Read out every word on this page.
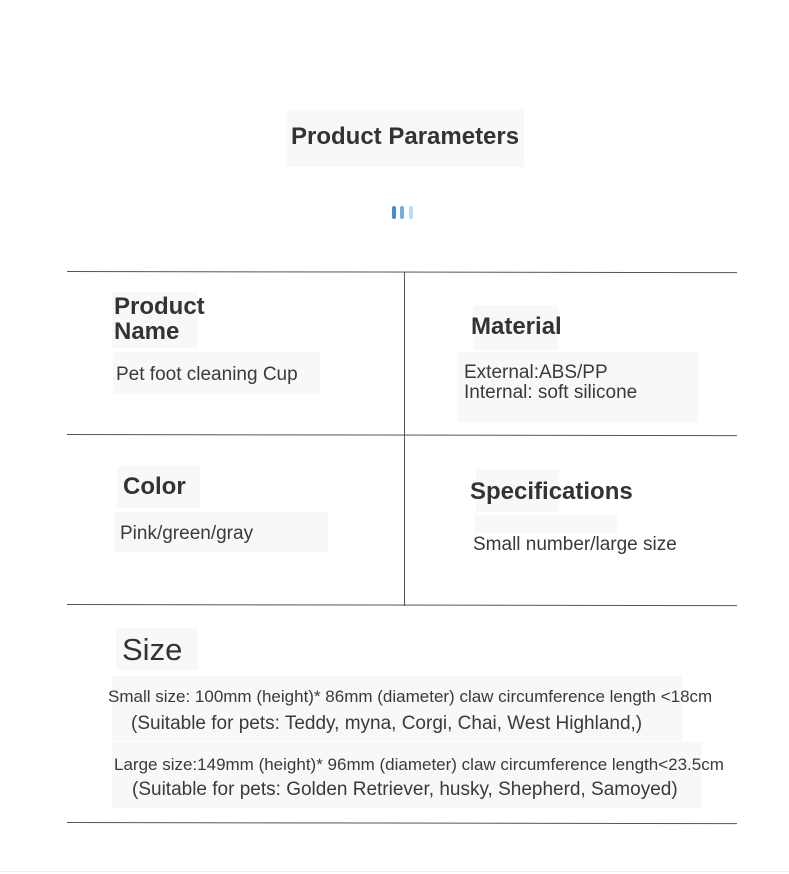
Product Parameters
Product
Name
Pet foot cleaning Cup
Material
External:ABS/PP
Internal: soft silicone
Color
Pink/green/gray
Specifications
Small number/large size
Size
Small size: 100mm (height)* 86mm (diameter) claw circumference length <18cm
(Suitable for pets: Teddy, myna, Corgi, Chai, West Highland,)
Large size:149mm (height)* 96mm (diameter) claw circumference length<23.5cm
(Suitable for pets: Golden Retriever, husky, Shepherd, Samoyed)
